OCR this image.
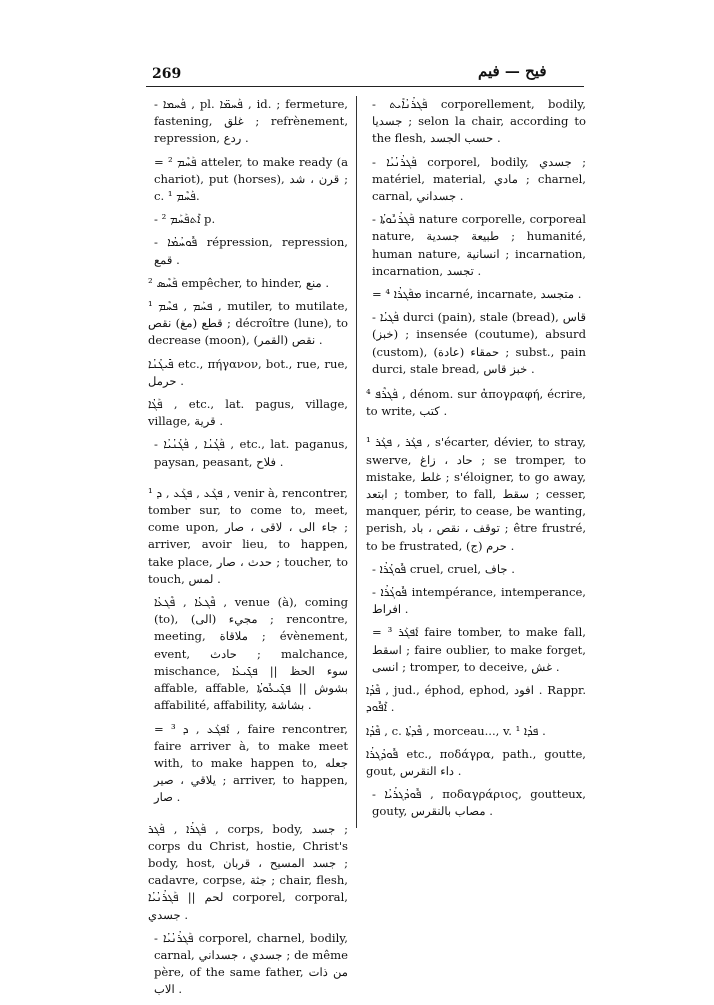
269	فيح — فيم
- ܦܰܚܡܐ , pl. ܦܰܚܡ̈ܐ , id. ; fermeture, fastening, غلق ; refrènement, repression, ردع .
= ² ܦܰܚܶܡ atteler, to make ready (a chariot), put (horses), قرن ، شد ; c. ¹ ܦܰܚܶܡ.
- ² ܐܶܬܦܰܚܰܡ p.
- ܦܽܘܚܳܡܳܐ répression, repression, قمع .
² ܦܰܚܶܣ empêcher, to hinder, منع .
¹ ܦܚܰܡ , ܦܚܶܡ , mutiler, to mutilate, قطع (مغ) نقص ; décroître (lune), to decrease (moon), نقص (القمر) .
ܦܺܝܓܳܢܳܐ etc., πήγανον, bot., rue, rue, حرمل .
ܦܰܓܳܐ , etc., lat. pagus, village, village, قرية .
- ܦܰܓܳܢܳܐ , ܦܰܓܳܢܳܝܳܐ , etc., lat. paganus, paysan, peasant, فلاح .
¹ ܦܓܰܥ , ܦܓܰܥ , ܕ , venir à, rencontrer, tomber sur, to come to, meet, come upon, جاء الى ، لاقى ، صار ; arriver, avoir lieu, to happen, take place, حدث ، صار ; toucher, to touch, لمس .
ܦܶܓܥܳܐ , ܦܶܓܥܳܐ , venue (à), coming (to), مجيء (الى) ; rencontre, meeting, ملاقاة ; évènement, event, حادث ; malchance, mischance, سوء الحظ || ܦܓܺܝܥܳܐ affable, affable, بشوش || ܦܓܺܝܥܽܘܬܳܐ affabilité, affability, بشاشة .
= ³ ܐܰܦܓܰܥ , ܕ , faire rencontrer, faire arriver à, to make meet with, to make happen to, جعله يلاقي ، صير ; arriver, to happen, صار .
ܦܰܓܪܳܐ , ܦܰܓܪ , corps, body, جسد ; corps du Christ, hostie, Christ's body, host, جسد المسيح ، قربان ; cadavre, corpse, جثة ; chair, flesh, لحم || ܦܰܓܪܳܢܳܝܳܐ corporel, corporal, جسدي .
- ܦܰܓܪܳܢܳܝܳܐ corporel, charnel, bodily, carnal, جسدي ، جسداني ; de même père, of the same father, من ذات الاب .
- ܦܰܓܪܳܢܳܐܺܝܬ corporellement, bodily, جسديا ; selon la chair, according to the flesh, حسب الجسد .
- ܦܰܓܪܳܢܳܝܳܐ corporel, bodily, جسدي ; matériel, material, مادي ; charnel, carnal, جسداني .
- ܦܰܓܪܳܢܽܘܬܳܐ nature corporelle, corporeal nature, طبيعة جسدية ; humanité, human nature, انسانية ; incarnation, incarnation, تجسد .
= ⁴ ܡܦܰܓܪܳܐ incarné, incarnate, متجسد .
- ܦܰܓܝܳܐ durci (pain), stale (bread), قاس (خبز) ; insensée (coutume), absurd (custom), حمقاء (عادة) ; subst., pain durci, stale bread, خبز قاس .
⁴ ܦܰܓܪܶܦ , dénom. sur ἀπογραφή, écrire, to write, كتب .
¹ ܦܓܰܪ , ܦܓܰܪ , s'écarter, dévier, to stray, swerve, حاد ، زاغ ; se tromper, to mistake, غلط ; s'éloigner, to go away, ابتعد ; tomber, to fall, سقط ; cesser, manquer, périr, to cease, be wanting, perish, توقف ، نقص ، باد ; être frustré, to be frustrated, حرم (ج) .
- ܦܽܘܓܳܪܳܐ cruel, cruel, جاف .
- ܦܽܘܓܳܪܳܐ intempérance, intemperance, افراط .
= ³ ܐܰܦܓܰܪ faire tomber, to make fall, اسقط ; faire oublier, to make forget, انسى ; tromper, to deceive, غش .
ܦܶܕܳܐ , jud., éphod, ephod, افود . Rappr. ܐܶܦܽܘܕ .
ܦܶܕܳܐ , c. ܦܶܕܬܳܐ , morceau..., v. ¹ ܦܕܳܐ .
ܦܽܘܕܳܓܪܳܐ etc., ποδάγρα, path., goutte, gout, داء النقرس .
- ܦܽܘܕܳܓܪܳܝܳܐ , ποδαγράριος, goutteux, gouty, مصاب بالنقرس .
